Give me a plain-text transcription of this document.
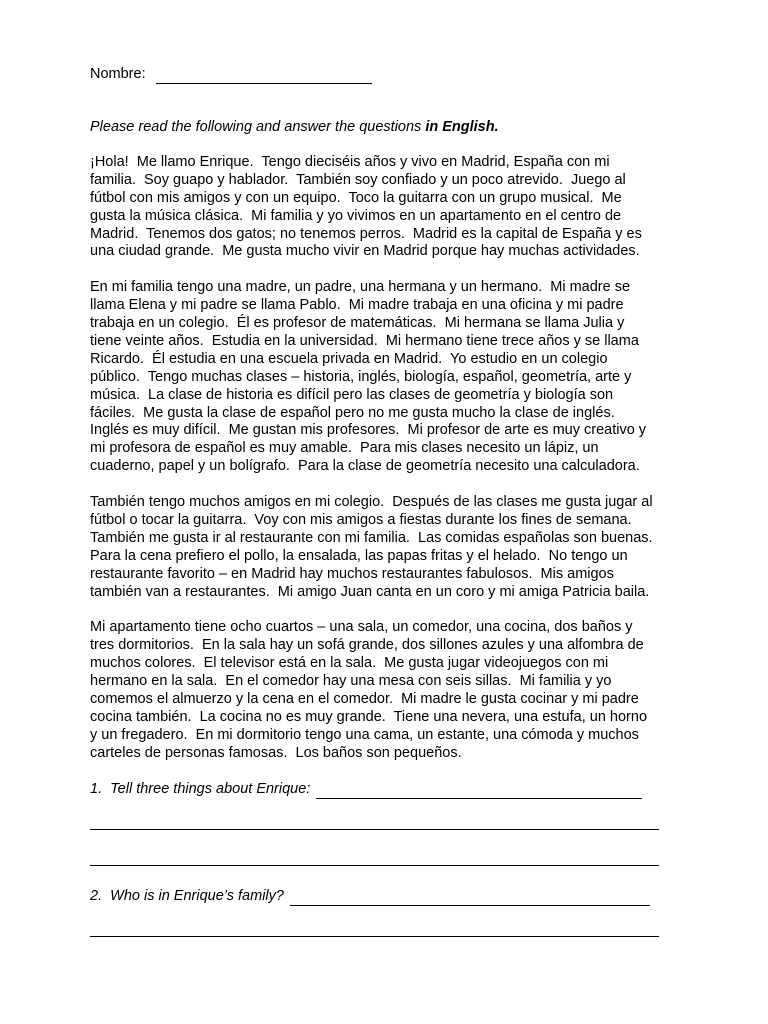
Nombre:
Please read the following and answer the questions in English.
¡Hola!  Me llamo Enrique.  Tengo dieciséis años y vivo en Madrid, España con mi
familia.  Soy guapo y hablador.  También soy confiado y un poco atrevido.  Juego al
fútbol con mis amigos y con un equipo.  Toco la guitarra con un grupo musical.  Me
gusta la música clásica.  Mi familia y yo vivimos en un apartamento en el centro de
Madrid.  Tenemos dos gatos; no tenemos perros.  Madrid es la capital de España y es
una ciudad grande.  Me gusta mucho vivir en Madrid porque hay muchas actividades.
En mi familia tengo una madre, un padre, una hermana y un hermano.  Mi madre se
llama Elena y mi padre se llama Pablo.  Mi madre trabaja en una oficina y mi padre
trabaja en un colegio.  Él es profesor de matemáticas.  Mi hermana se llama Julia y
tiene veinte años.  Estudia en la universidad.  Mi hermano tiene trece años y se llama
Ricardo.  Él estudia en una escuela privada en Madrid.  Yo estudio en un colegio
público.  Tengo muchas clases – historia, inglés, biología, español, geometría, arte y
música.  La clase de historia es difícil pero las clases de geometría y biología son
fáciles.  Me gusta la clase de español pero no me gusta mucho la clase de inglés.
Inglés es muy difícil.  Me gustan mis profesores.  Mi profesor de arte es muy creativo y
mi profesora de español es muy amable.  Para mis clases necesito un lápiz, un
cuaderno, papel y un bolígrafo.  Para la clase de geometría necesito una calculadora.
También tengo muchos amigos en mi colegio.  Después de las clases me gusta jugar al
fútbol o tocar la guitarra.  Voy con mis amigos a fiestas durante los fines de semana.
También me gusta ir al restaurante con mi familia.  Las comidas españolas son buenas.
Para la cena prefiero el pollo, la ensalada, las papas fritas y el helado.  No tengo un
restaurante favorito – en Madrid hay muchos restaurantes fabulosos.  Mis amigos
también van a restaurantes.  Mi amigo Juan canta en un coro y mi amiga Patricia baila.
Mi apartamento tiene ocho cuartos – una sala, un comedor, una cocina, dos baños y
tres dormitorios.  En la sala hay un sofá grande, dos sillones azules y una alfombra de
muchos colores.  El televisor está en la sala.  Me gusta jugar videojuegos con mi
hermano en la sala.  En el comedor hay una mesa con seis sillas.  Mi familia y yo
comemos el almuerzo y la cena en el comedor.  Mi madre le gusta cocinar y mi padre
cocina también.  La cocina no es muy grande.  Tiene una nevera, una estufa, un horno
y un fregadero.  En mi dormitorio tengo una cama, un estante, una cómoda y muchos
carteles de personas famosas.  Los baños son pequeños.
1.  Tell three things about Enrique:
2.  Who is in Enrique’s family?
